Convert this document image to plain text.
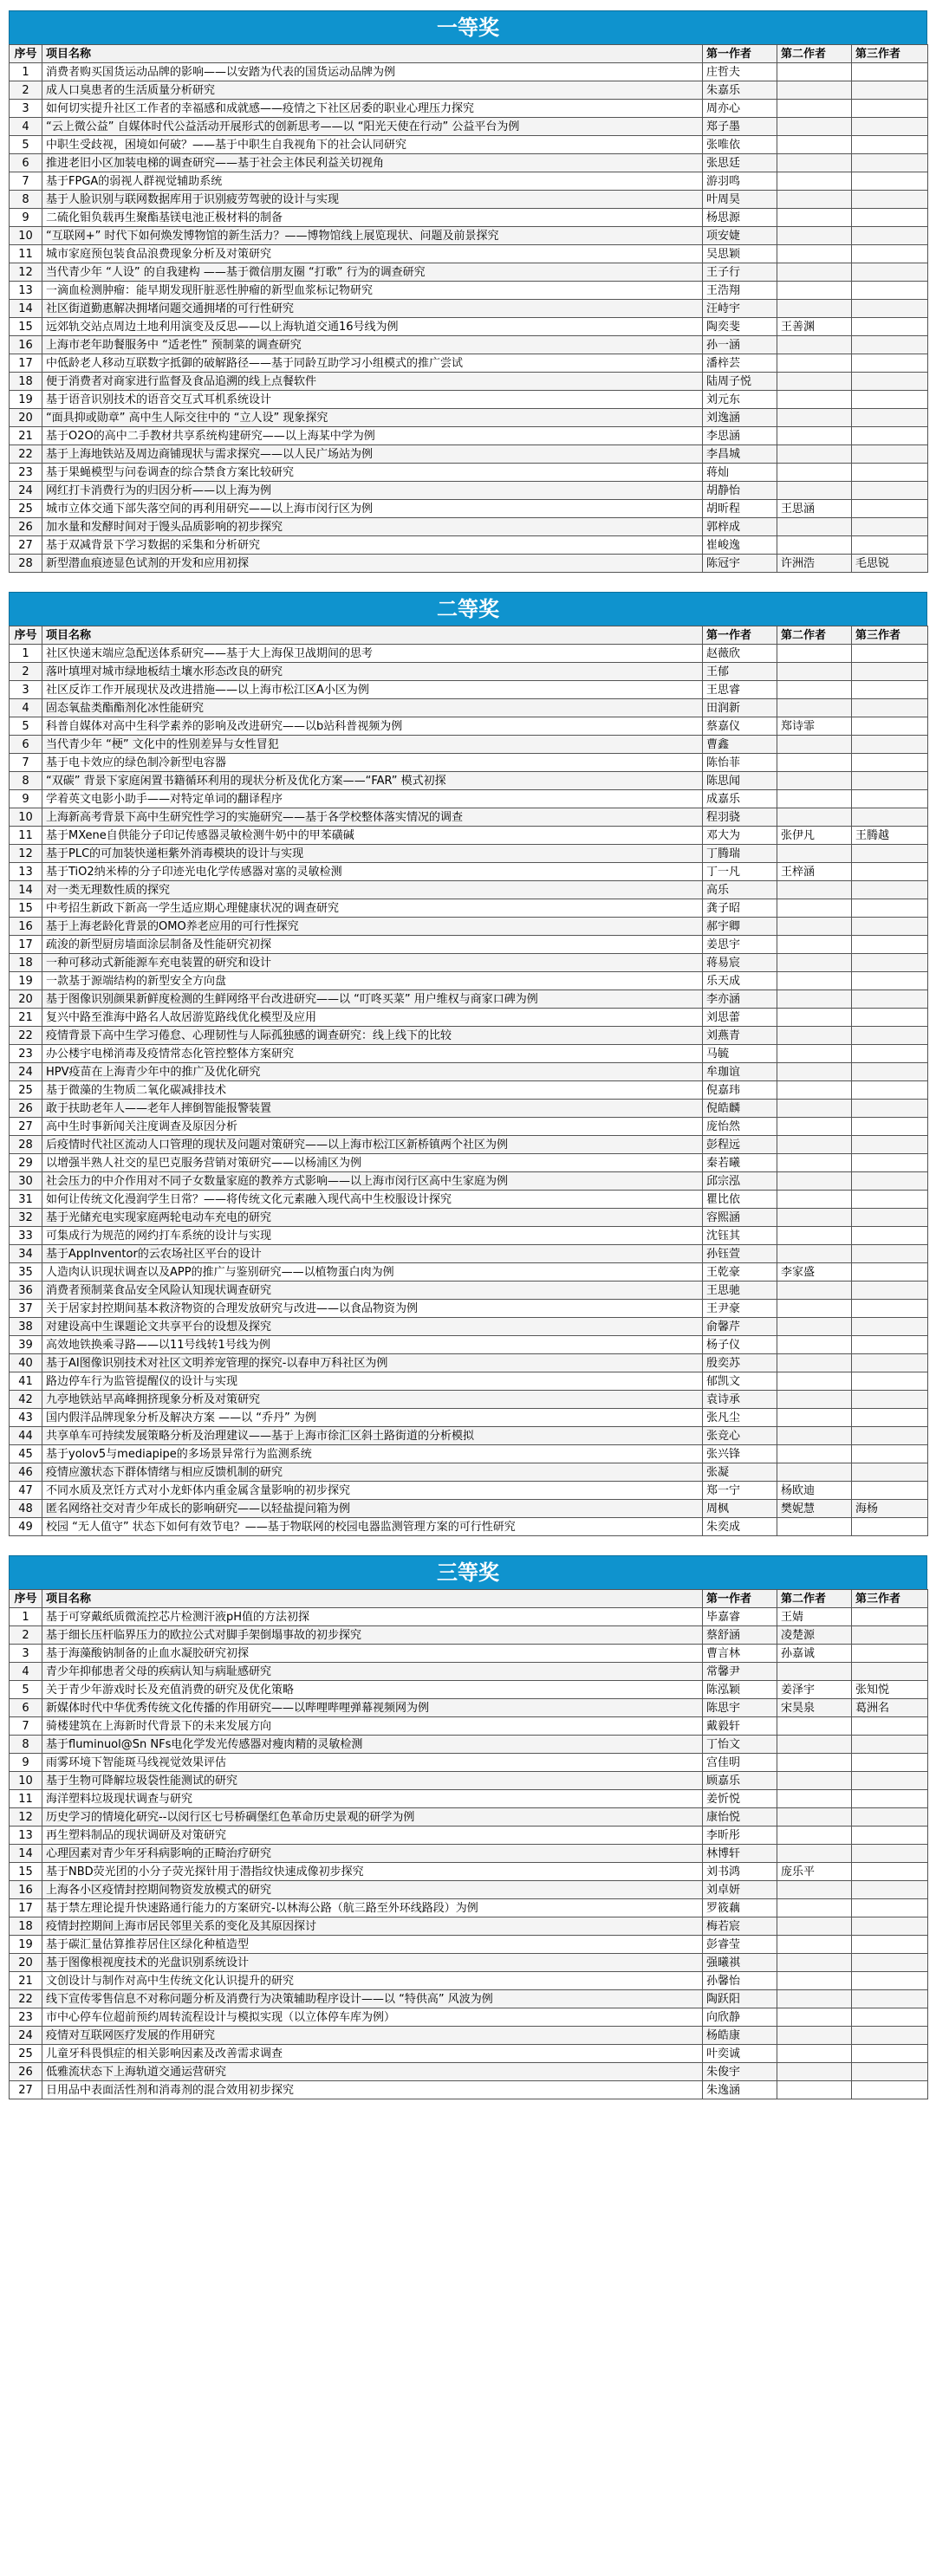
一等奖
序号	项目名称	第一作者	第二作者	第三作者
1	消费者购买国货运动品牌的影响——以安踏为代表的国货运动品牌为例	庄哲夫		
2	成人口臭患者的生活质量分析研究	朱嘉乐		
3	如何切实提升社区工作者的幸福感和成就感——疫情之下社区居委的职业心理压力探究	周亦心		
4	“云上微公益” 自媒体时代公益活动开展形式的创新思考——以 “阳光天使在行动” 公益平台为例	郑子墨		
5	中职生受歧视，困境如何破？——基于中职生自我视角下的社会认同研究	张唯依		
6	推进老旧小区加装电梯的调查研究——基于社会主体民利益关切视角	张思廷		
7	基于FPGA的弱视人群视觉辅助系统	游羽鸣		
8	基于人脸识别与联网数据库用于识别疲劳驾驶的设计与实现	叶周昊		
9	二硫化钼负载再生聚酯基镁电池正极材料的制备	杨思源		
10	“互联网+” 时代下如何焕发博物馆的新生活力？——博物馆线上展览现状、问题及前景探究	项安婕		
11	城市家庭预包装食品浪费现象分析及对策研究	吴思颖		
12	当代青少年 “人设” 的自我建构 ——基于微信朋友圈 “打歌” 行为的调查研究	王子行		
13	一滴血检测肿瘤：能早期发现肝脏恶性肿瘤的新型血浆标记物研究	王浩翔		
14	社区街道勤惠解决拥堵问题交通拥堵的可行性研究	汪峙宇		
15	远郊轨交站点周边土地利用演变及反思——以上海轨道交通16号线为例	陶奕斐	王善渊	
16	上海市老年助餐服务中 “适老性” 预制菜的调查研究	孙一涵		
17	中低龄老人移动互联数字抵御的破解路径——基于同龄互助学习小组模式的推广尝试	潘梓芸		
18	便于消费者对商家进行监督及食品追溯的线上点餐软件	陆周子悦		
19	基于语音识别技术的语音交互式耳机系统设计	刘元东		
20	“面具抑或勋章” 高中生人际交往中的 “立人设” 现象探究	刘逸涵		
21	基于O2O的高中二手教材共享系统构建研究——以上海某中学为例	李思涵		
22	基于上海地铁站及周边商铺现状与需求探究——以人民广场站为例	李昌城		
23	基于果蝇模型与问卷调查的综合禁食方案比较研究	蒋灿		
24	网红打卡消费行为的归因分析——以上海为例	胡静怡		
25	城市立体交通下部失落空间的再利用研究——以上海市闵行区为例	胡昕程	王思涵	
26	加水量和发酵时间对于馒头品质影响的初步探究	郭梓成		
27	基于双减背景下学习数据的采集和分析研究	崔峻逸		
28	新型潜血痕迹显色试剂的开发和应用初探	陈冠宇	许洲浩	毛思锐
二等奖
序号	项目名称	第一作者	第二作者	第三作者
1	社区快递末端应急配送体系研究——基于大上海保卫战期间的思考	赵薇欣		
2	落叶填埋对城市绿地板结土壤水形态改良的研究	王郁		
3	社区反诈工作开展现状及改进措施——以上海市松江区A小区为例	王思睿		
4	固态氧盐类酯酯剂化冰性能研究	田润新		
5	科普自媒体对高中生科学素养的影响及改进研究——以b站科普视频为例	蔡嘉仪	郑诗霏	
6	当代青少年 “梗” 文化中的性别差异与女性冒犯	曹鑫		
7	基于电卡效应的绿色制冷新型电容器	陈怡菲		
8	“双碳” 背景下家庭闲置书籍循环利用的现状分析及优化方案——“FAR” 模式初探	陈思闻		
9	学着英文电影小助手——对特定单词的翻译程序	成嘉乐		
10	上海新高考背景下高中生研究性学习的实施研究——基于各学校整体落实情况的调查	程羽骁		
11	基于MXene自供能分子印记传感器灵敏检测牛奶中的甲苯磺碱	邓大为	张伊凡	王腾越
12	基于PLC的可加装快递柜紫外消毒模块的设计与实现	丁腾瑞		
13	基于TiO2纳米棒的分子印迹光电化学传感器对塞的灵敏检测	丁一凡	王梓涵	
14	对一类无理数性质的探究	高乐		
15	中考招生新政下新高一学生适应期心理健康状况的调查研究	龚子昭		
16	基于上海老龄化背景的OMO养老应用的可行性探究	郝宇卿		
17	疏浚的新型厨房墙面涂层制备及性能研究初探	姜思宇		
18	一种可移动式新能源车充电装置的研究和设计	蒋易宸		
19	一款基于源端结构的新型安全方向盘	乐天成		
20	基于图像识别颜果新鲜度检测的生鲜网络平台改进研究——以 “叮咚买菜” 用户维权与商家口碑为例	李亦涵		
21	复兴中路至淮海中路名人故居游览路线优化模型及应用	刘思蕾		
22	疫情背景下高中生学习倦怠、心理韧性与人际孤独感的调查研究：线上线下的比较	刘燕青		
23	办公楼宇电梯消毒及疫情常态化管控整体方案研究	马毓		
24	HPV疫苗在上海青少年中的推广及优化研究	牟珈谊		
25	基于微藻的生物质二氧化碳减排技术	倪嘉玮		
26	敢于扶助老年人——老年人摔倒智能报警装置	倪皓麟		
27	高中生时事新闻关注度调查及原因分析	庞怡然		
28	后疫情时代社区流动人口管理的现状及问题对策研究——以上海市松江区新桥镇两个社区为例	彭程远		
29	以增强半熟人社交的星巴克服务营销对策研究——以杨浦区为例	秦若曦		
30	社会压力的中介作用对不同子女数量家庭的教养方式影响——以上海市闵行区高中生家庭为例	邱宗泓		
31	如何让传统文化漫润学生日常？——将传统文化元素融入现代高中生校服设计探究	瞿比依		
32	基于光储充电实现家庭两轮电动车充电的研究	容熙涵		
33	可集成行为规范的网约打车系统的设计与实现	沈钰其		
34	基于AppInventor的云农场社区平台的设计	孙钰萱		
35	人造肉认识现状调查以及APP的推广与鉴别研究——以植物蛋白肉为例	王乾豪	李家盛	
36	消费者预制菜食品安全风险认知现状调查研究	王思驰		
37	关于居家封控期间基本救济物资的合理发放研究与改进——以食品物资为例	王尹豪		
38	对建设高中生课题论文共享平台的设想及探究	俞馨芹		
39	高效地铁换乘寻路——以11号线转1号线为例	杨子仪		
40	基于AI图像识别技术对社区文明养宠管理的探究-以春申万科社区为例	殷奕苏		
41	路边停车行为监管提醒仪的设计与实现	郁凯文		
42	九亭地铁站早高峰拥挤现象分析及对策研究	袁诗承		
43	国内假洋品牌现象分析及解决方案 ——以 “乔丹” 为例	张凡尘		
44	共享单车可持续发展策略分析及治理建议——基于上海市徐汇区斜土路街道的分析模拟	张竞心		
45	基于yolov5与mediapipe的多场景异常行为监测系统	张兴锋		
46	疫情应激状态下群体情绪与相应反馈机制的研究	张凝		
47	不同水质及烹饪方式对小龙虾体内重金属含量影响的初步探究	郑一宁	杨欧迪	
48	匿名网络社交对青少年成长的影响研究——以轻盐提问箱为例	周枫	樊妮慧	海杨
49	校园 “无人值守” 状态下如何有效节电？——基于物联网的校园电器监测管理方案的可行性研究	朱奕成		
三等奖
序号	项目名称	第一作者	第二作者	第三作者
1	基于可穿戴纸质微流控芯片检测汗液pH值的方法初探	毕嘉睿	王婧	
2	基于细长压杆临界压力的欧拉公式对脚手架倒塌事故的初步探究	蔡舒涵	凌楚源	
3	基于海藻酸钠制备的止血水凝胶研究初探	曹言林	孙嘉诚	
4	青少年抑郁患者父母的疾病认知与病耻感研究	常馨尹		
5	关于青少年游戏时长及充值消费的研究及优化策略	陈泓颖	姜泽宇	张知悦
6	新媒体时代中华优秀传统文化传播的作用研究——以哔哩哔哩弹幕视频网为例	陈思宇	宋昊泉	葛洲名
7	骑楼建筑在上海新时代背景下的未来发展方向	戴毅轩		
8	基于fluminuol@Sn NFs电化学发光传感器对瘦肉精的灵敏检测	丁怡文		
9	雨雾环境下智能斑马线视觉效果评估	宫佳明		
10	基于生物可降解垃圾袋性能测试的研究	顾嘉乐		
11	海洋塑料垃圾现状调查与研究	姜忻悦		
12	历史学习的情境化研究--以闵行区七号桥碉堡红色革命历史景观的研学为例	康怡悦		
13	再生塑料制品的现状调研及对策研究	李昕彤		
14	心理因素对青少年牙科病影响的正畸治疗研究	林博轩		
15	基于NBD荧光团的小分子荧光探针用于潜指纹快速成像初步探究	刘书鸿	庞乐平	
16	上海各小区疫情封控期间物资发放模式的研究	刘卓妍		
17	基于禁左理论提升快速路通行能力的方案研究-以林海公路（航三路至外环线路段）为例	罗筱藕		
18	疫情封控期间上海市居民邻里关系的变化及其原因探讨	梅若宸		
19	基于碳汇量估算推荐居住区绿化种植造型	彭睿莹		
20	基于图像根视度技术的光盘识别系统设计	强曦祺		
21	文创设计与制作对高中生传统文化认识提升的研究	孙馨怡		
22	线下宣传零售信息不对称问题分析及消费行为决策辅助程序设计——以 “特供高” 风波为例	陶跃阳		
23	市中心停车位超前预约周转流程设计与模拟实现（以立体停车库为例）	向欣静		
24	疫情对互联网医疗发展的作用研究	杨皓康		
25	儿童牙科畏惧症的相关影响因素及改善需求调查	叶奕诚		
26	低雅流状态下上海轨道交通运营研究	朱俊宇		
27	日用品中表面活性剂和消毒剂的混合效用初步探究	朱逸涵		
